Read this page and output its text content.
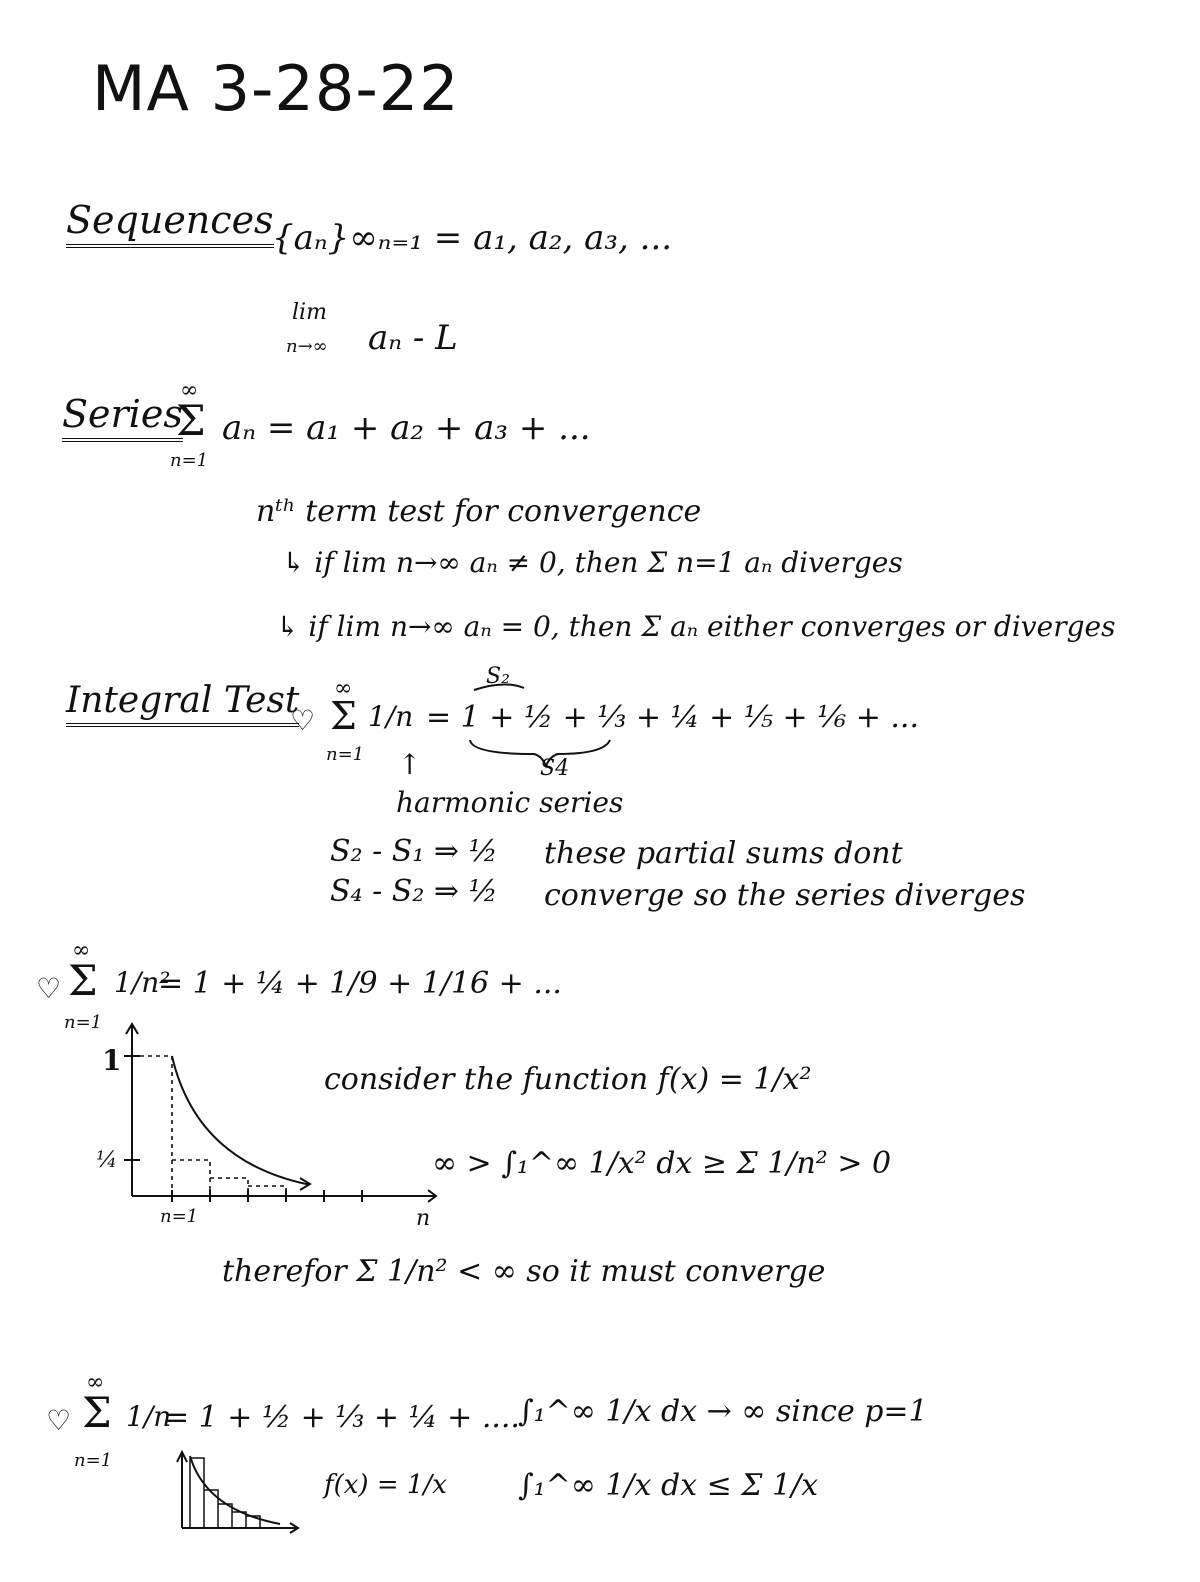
MA 3-28-22
Sequences
{aₙ}∞ₙ₌₁ = a₁, a₂, a₃, ...
lim
n→∞ aₙ - L
Series
∞
Σ
n=1
aₙ = a₁ + a₂ + a₃ + ...
nᵗʰ term test for convergence
↳ if lim n→∞ aₙ ≠ 0, then Σ n=1 aₙ diverges
↳ if lim n→∞ aₙ = 0, then Σ aₙ either converges or diverges
Integral Test
♡
∞
Σ
n=1
1/n = 1 + ½ + ⅓ + ¼ + ⅕ + ⅙ + ...
S₂
S4
↑
harmonic series
S₂ - S₁ ⇒ ½
S₄ - S₂ ⇒ ½
these partial sums dont
converge so the series diverges
♡
∞
Σ
n=1
1/n²
= 1 + ¼ + 1/9 + 1/16 + ...
1
¼
n=1	n
consider the function f(x) = 1/x²
∞ > ∫₁^∞ 1/x² dx ≥ Σ 1/n² > 0
therefor Σ 1/n² < ∞ so it must converge
♡
∞
Σ
n=1
1/n
= 1 + ½ + ⅓ + ¼ + ....
f(x) = 1/x
∫₁^∞ 1/x dx → ∞ since p=1
∫₁^∞ 1/x dx ≤ Σ 1/x
